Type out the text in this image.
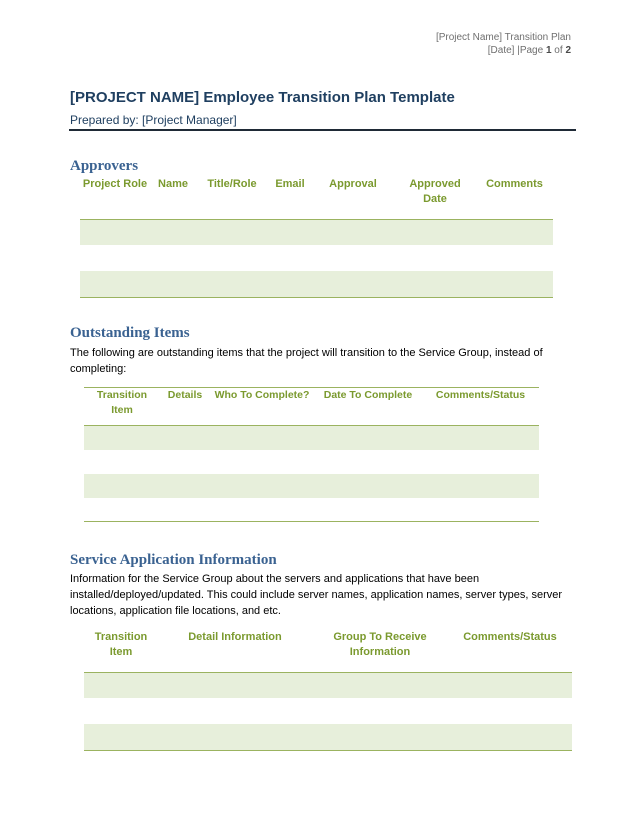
[Project Name] Transition Plan
[Date] |Page 1 of 2
[PROJECT NAME] Employee Transition Plan Template
Prepared by: [Project Manager]
Approvers
Project Role	Name	Title/Role	Email	Approval	Approved Date	Comments

Outstanding Items
The following are outstanding items that the project will transition to the Service Group, instead of completing:
Transition Item	Details	Who To Complete?	Date To Complete	Comments/Status

Service Application Information
Information for the Service Group about the servers and applications that have been installed/deployed/updated. This could include server names, application names, server types, server locations, application file locations, and etc.
Transition Item	Detail Information	Group To Receive Information	Comments/Status
